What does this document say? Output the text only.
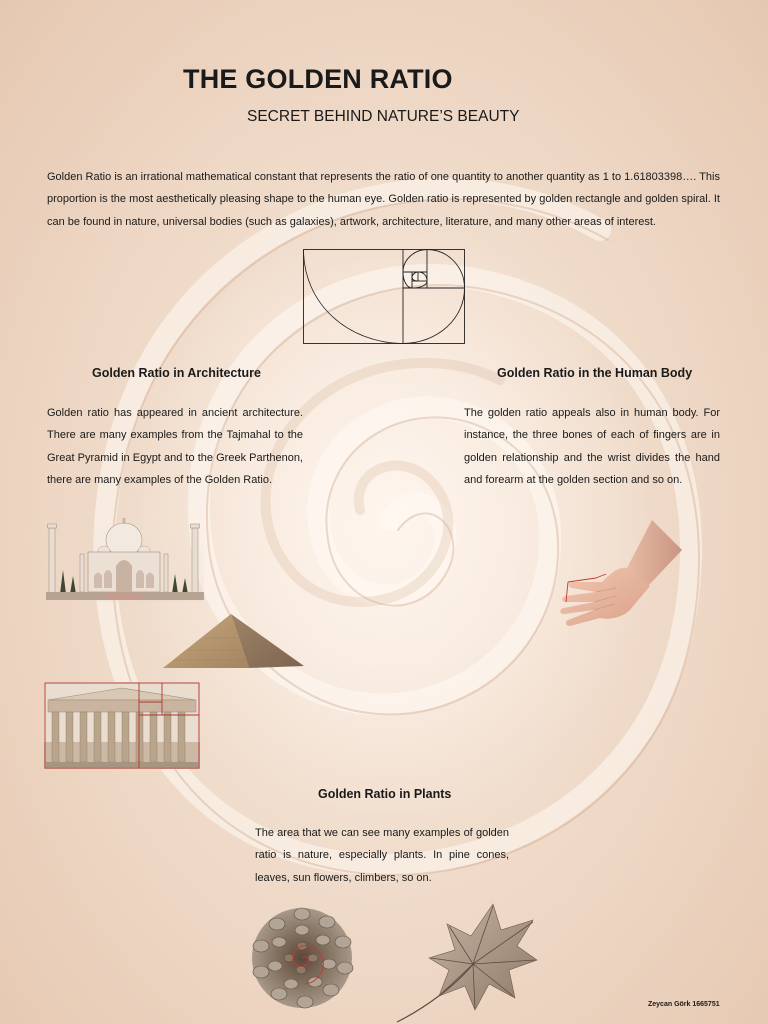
THE GOLDEN RATIO
SECRET BEHIND NATURE’S BEAUTY
Golden Ratio is an irrational mathematical constant that represents the ratio of one quantity to another quantity as 1 to 1.61803398…. This proportion is the most aesthetically pleasing shape to the human eye. Golden ratio is represented by golden rectangle and golden spiral. It can be found in nature, universal bodies (such as galaxies), artwork, architecture, literature, and many other areas of interest.
Golden Ratio in Architecture
Golden ratio has appeared in ancient architecture. There are many examples from the Tajmahal to the Great Pyramid in Egypt and to the Greek Parthenon, there are many examples of the Golden Ratio.
Golden Ratio in the Human Body
The golden ratio appeals also in human body. For instance, the three bones of each of fingers are in golden relationship and the wrist divides the hand and forearm at the golden section and so on.
Golden Ratio in Plants
The area that we can see many examples of golden ratio is nature, especially plants. In pine cones, leaves, sun flowers, climbers, so on.
Zeycan Görk 1665751
